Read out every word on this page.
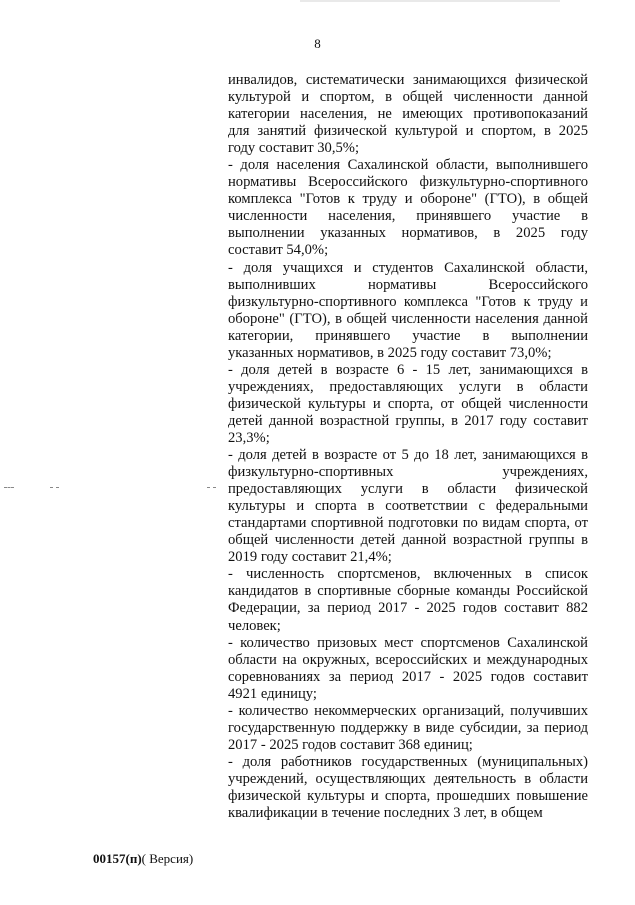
8
инвалидов, систематически занимающихся физической
культурой и спортом, в общей численности данной
категории населения, не имеющих противопоказаний
для занятий физической культурой и спортом, в 2025
году составит 30,5%;
- доля населения Сахалинской области, выполнившего
нормативы Всероссийского физкультурно-спортивного
комплекса "Готов к труду и обороне" (ГТО), в общей
численности населения, принявшего участие в
выполнении указанных нормативов, в 2025 году
составит 54,0%;
- доля учащихся и студентов Сахалинской области,
выполнивших нормативы Всероссийского
физкультурно-спортивного комплекса "Готов к труду и
обороне" (ГТО), в общей численности населения данной
категории, принявшего участие в выполнении
указанных нормативов, в 2025 году составит 73,0%;
- доля детей в возрасте 6 - 15 лет, занимающихся в
учреждениях, предоставляющих услуги в области
физической культуры и спорта, от общей численности
детей данной возрастной группы, в 2017 году составит
23,3%;
- доля детей в возрасте от 5 до 18 лет, занимающихся в
физкультурно-спортивных учреждениях,
предоставляющих услуги в области физической
культуры и спорта в соответствии с федеральными
стандартами спортивной подготовки по видам спорта, от
общей численности детей данной возрастной группы в
2019 году составит 21,4%;
- численность спортсменов, включенных в список
кандидатов в спортивные сборные команды Российской
Федерации, за период 2017 - 2025 годов составит 882
человек;
- количество призовых мест спортсменов Сахалинской
области на окружных, всероссийских и международных
соревнованиях за период 2017 - 2025 годов составит
4921 единицу;
- количество некоммерческих организаций, получивших
государственную поддержку в виде субсидии, за период
2017 - 2025 годов составит 368 единиц;
- доля работников государственных (муниципальных)
учреждений, осуществляющих деятельность в области
физической культуры и спорта, прошедших повышение
квалификации в течение последних 3 лет, в общем
00157(п)( Версия)
